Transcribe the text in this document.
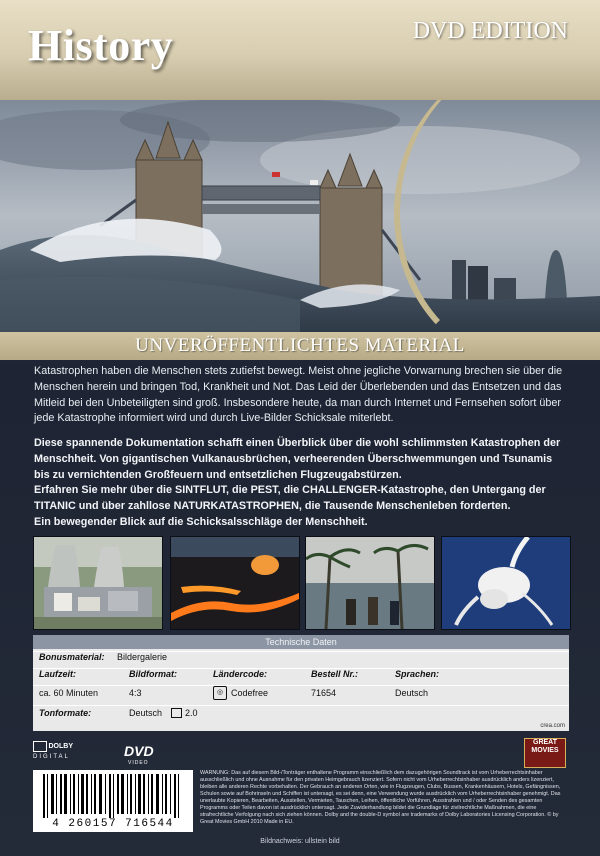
History	DVD EDITION
UNVERÖFFENTLICHTES MATERIAL
Katastrophen haben die Menschen stets zutiefst bewegt. Meist ohne jegliche Vorwarnung brechen sie über die Menschen herein und bringen Tod, Krankheit und Not. Das Leid der Überlebenden und das Entsetzen und das Mitleid bei den Unbeteiligten sind groß. Insbesondere heute, da man durch Internet und Fernsehen sofort über jede Katastrophe informiert wird und durch Live-Bilder Schicksale miterlebt.
Diese spannende Dokumentation schafft einen Überblick über die wohl schlimmsten Katastrophen der Menschheit. Von gigantischen Vulkanausbrüchen, verheerenden Überschwemmungen und Tsunamis bis zu vernichtenden Großfeuern und entsetzlichen Flugzeugabstürzen.
Erfahren Sie mehr über die SINTFLUT, die PEST, die CHALLENGER-Katastrophe, den Untergang der TITANIC und über zahllose NATURKATASTROPHEN, die Tausende Menschenleben forderten.
Ein bewegender Blick auf die Schicksalsschläge der Menschheit.
Technische Daten
Bonusmaterial: Bildergalerie
Laufzeit:	Bildformat:	Ländercode:	Bestell Nr.:	Sprachen:
ca. 60 Minuten	4:3	◎ Codefree	71654	Deutsch
Tonformate:	Deutsch	2.0
crea.com
DOLBY
DIGITAL	DVD
VIDEO
GREAT MOVIES
4 260157 716544
WARNUNG: Das auf diesem Bild-/Tonträger enthaltene Programm einschließlich dem dazugehörigen Soundtrack ist vom Urheberrechtsinhaber ausschließlich und ohne Ausnahme für den privaten Heimgebrauch lizenziert. Sofern nicht vom Urheberrechtsinhaber ausdrücklich anders lizenziert, bleiben alle anderen Rechte vorbehalten. Der Gebrauch an anderen Orten, wie in Flugzeugen, Clubs, Bussen, Krankenhäusern, Hotels, Gefängnissen, Schulen sowie auf Bohrinseln und Schiffen ist untersagt, es sei denn, eine Verwendung wurde ausdrücklich vom Urheberrechtsinhaber genehmigt. Das unerlaubte Kopieren, Bearbeiten, Ausstellen, Vermieten, Tauschen, Leihen, öffentliche Vorführen, Ausstrahlen und / oder Senden des gesamten Programms oder Teilen davon ist ausdrücklich untersagt. Jede Zuwiderhandlung bildet die Grundlage für zivilrechtliche Maßnahmen, die eine strafrechtliche Verfolgung nach sich ziehen können. Dolby and the double-D symbol are trademarks of Dolby Laboratories Licensing Corporation. © by Great Movies GmbH 2010 Made in EU.
Bildnachweis: ullstein bild
